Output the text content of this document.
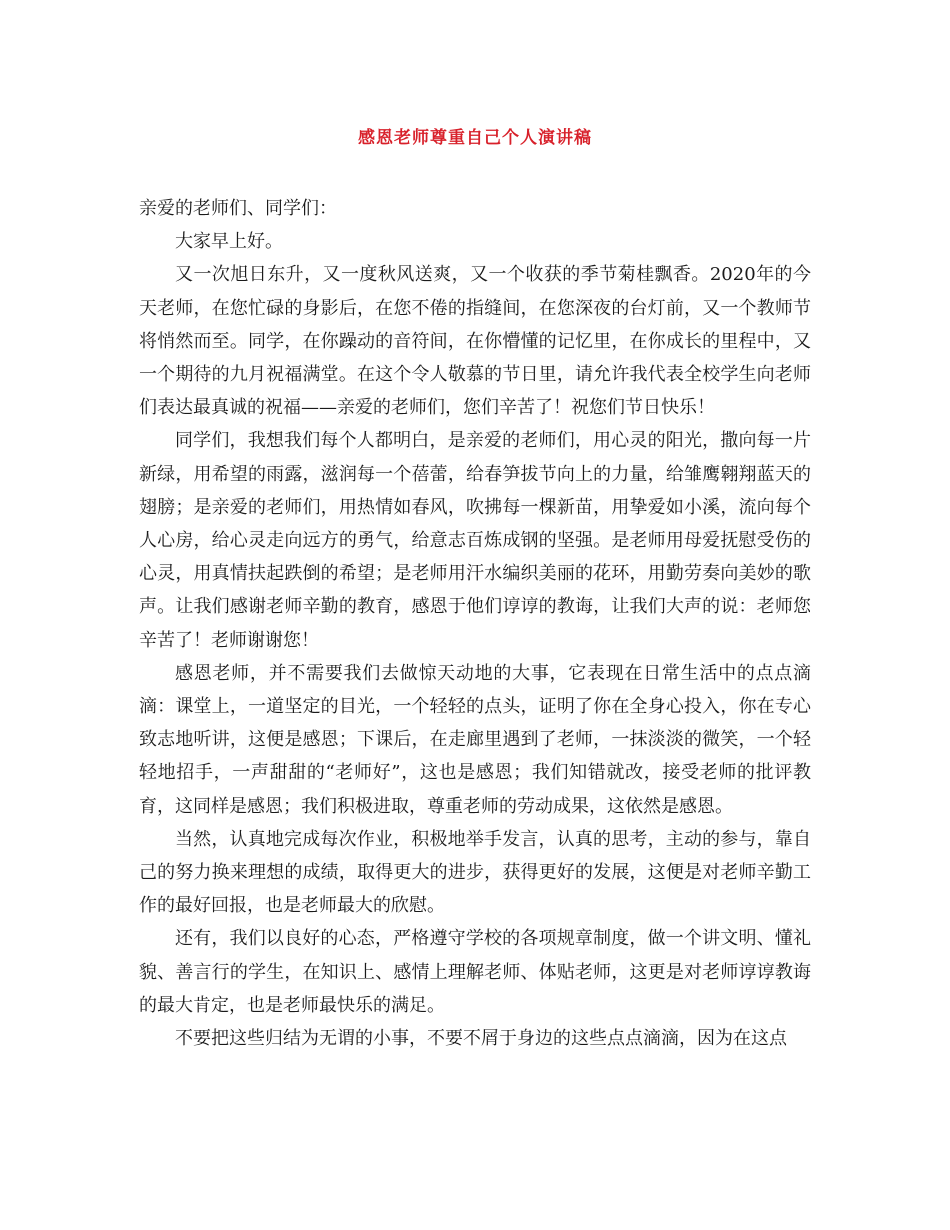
感恩老师尊重自己个人演讲稿

亲爱的老师们、同学们：

大家早上好。

又一次旭日东升，又一度秋风送爽，又一个收获的季节菊桂飘香。2020年的今天老师，在您忙碌的身影后，在您不倦的指缝间，在您深夜的台灯前，又一个教师节将悄然而至。同学，在你躁动的音符间，在你懵懂的记忆里，在你成长的里程中，又一个期待的九月祝福满堂。在这个令人敬慕的节日里，请允许我代表全校学生向老师们表达最真诚的祝福——亲爱的老师们，您们辛苦了！祝您们节日快乐！

同学们，我想我们每个人都明白，是亲爱的老师们，用心灵的阳光，撒向每一片新绿，用希望的雨露，滋润每一个蓓蕾，给春笋拔节向上的力量，给雏鹰翱翔蓝天的翅膀；是亲爱的老师们，用热情如春风，吹拂每一棵新苗，用挚爱如小溪，流向每个人心房，给心灵走向远方的勇气，给意志百炼成钢的坚强。是老师用母爱抚慰受伤的心灵，用真情扶起跌倒的希望；是老师用汗水编织美丽的花环，用勤劳奏向美妙的歌声。让我们感谢老师辛勤的教育，感恩于他们谆谆的教诲，让我们大声的说：老师您辛苦了！老师谢谢您！

感恩老师，并不需要我们去做惊天动地的大事，它表现在日常生活中的点点滴滴：课堂上，一道坚定的目光，一个轻轻的点头，证明了你在全身心投入，你在专心致志地听讲，这便是感恩；下课后，在走廊里遇到了老师，一抹淡淡的微笑，一个轻轻地招手，一声甜甜的“老师好”，这也是感恩；我们知错就改，接受老师的批评教育，这同样是感恩；我们积极进取，尊重老师的劳动成果，这依然是感恩。

当然，认真地完成每次作业，积极地举手发言，认真的思考，主动的参与，靠自己的努力换来理想的成绩，取得更大的进步，获得更好的发展，这便是对老师辛勤工作的最好回报，也是老师最大的欣慰。

还有，我们以良好的心态，严格遵守学校的各项规章制度，做一个讲文明、懂礼貌、善言行的学生，在知识上、感情上理解老师、体贴老师，这更是对老师谆谆教诲的最大肯定，也是老师最快乐的满足。

不要把这些归结为无谓的小事，不要不屑于身边的这些点点滴滴，因为在这点
